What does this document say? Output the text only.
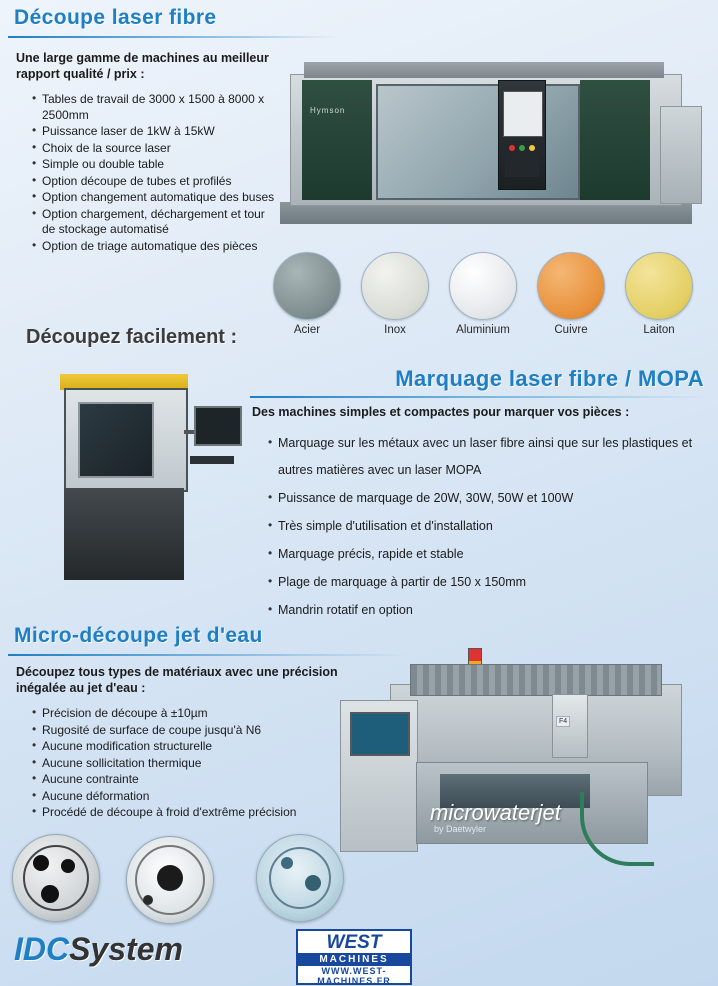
Découpe laser fibre
Une large gamme de machines au meilleur rapport qualité / prix :
• Tables de travail de 3000 x 1500 à 8000 x 2500mm
• Puissance laser de 1kW à 15kW
• Choix de la source laser
• Simple ou double table
• Option découpe de tubes et profilés
• Option changement automatique des buses
• Option chargement, déchargement et tour de stockage automatisé
• Option de triage automatique des pièces
Hymson
Acier	Inox	Aluminium	Cuivre	Laiton
Découpez facilement :
Marquage laser fibre / MOPA
Des machines simples et compactes pour marquer vos pièces :
• Marquage sur les métaux avec un laser fibre ainsi que sur les plastiques et autres matières avec un laser MOPA
• Puissance de marquage de 20W, 30W, 50W et 100W
• Très simple d'utilisation et d'installation
• Marquage précis, rapide et stable
• Plage de marquage à partir de 150 x 150mm
• Mandrin rotatif en option
Micro-découpe jet d'eau
Découpez tous types de matériaux avec une précision inégalée au jet d'eau :
• Précision de découpe à ±10µm
• Rugosité de surface de coupe jusqu'à N6
• Aucune modification structurelle
• Aucune sollicitation thermique
• Aucune contrainte
• Aucune déformation
• Procédé de découpe à froid d'extrême précision
F4
microwaterjet
by Daetwyler
IDCSystem	WEST
MACHINES
WWW.WEST-MACHINES.FR
